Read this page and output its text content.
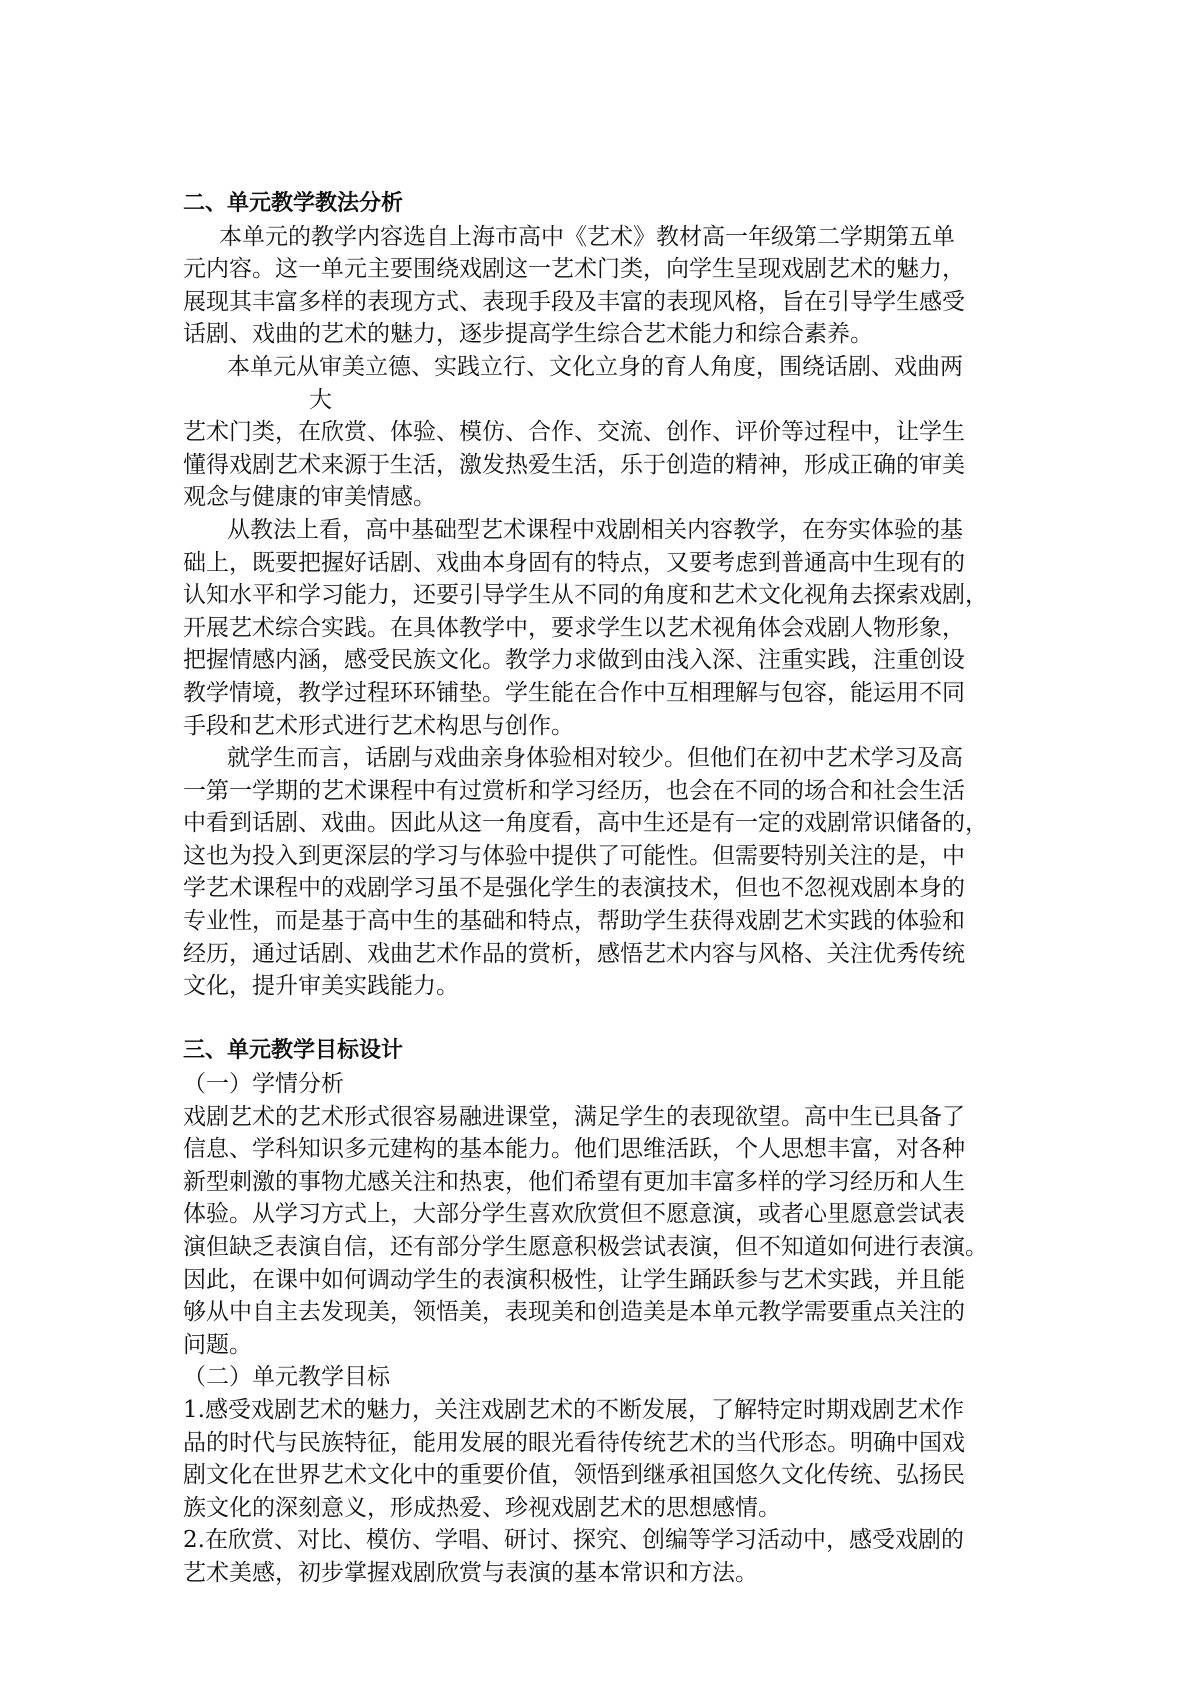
二、单元教学教法分析
本单元的教学内容选自上海市高中《艺术》教材高一年级第二学期第五单
元内容。这一单元主要围绕戏剧这一艺术门类，向学生呈现戏剧艺术的魅力，
展现其丰富多样的表现方式、表现手段及丰富的表现风格，旨在引导学生感受
话剧、戏曲的艺术的魅力，逐步提高学生综合艺术能力和综合素养。
本单元从审美立德、实践立行、文化立身的育人角度，围绕话剧、戏曲两
大
艺术门类，在欣赏、体验、模仿、合作、交流、创作、评价等过程中，让学生
懂得戏剧艺术来源于生活，激发热爱生活，乐于创造的精神，形成正确的审美
观念与健康的审美情感。
从教法上看，高中基础型艺术课程中戏剧相关内容教学，在夯实体验的基
础上，既要把握好话剧、戏曲本身固有的特点，又要考虑到普通高中生现有的
认知水平和学习能力，还要引导学生从不同的角度和艺术文化视角去探索戏剧，
开展艺术综合实践。在具体教学中，要求学生以艺术视角体会戏剧人物形象，
把握情感内涵，感受民族文化。教学力求做到由浅入深、注重实践，注重创设
教学情境，教学过程环环铺垫。学生能在合作中互相理解与包容，能运用不同
手段和艺术形式进行艺术构思与创作。
就学生而言，话剧与戏曲亲身体验相对较少。但他们在初中艺术学习及高
一第一学期的艺术课程中有过赏析和学习经历，也会在不同的场合和社会生活
中看到话剧、戏曲。因此从这一角度看，高中生还是有一定的戏剧常识储备的，
这也为投入到更深层的学习与体验中提供了可能性。但需要特别关注的是，中
学艺术课程中的戏剧学习虽不是强化学生的表演技术，但也不忽视戏剧本身的
专业性，而是基于高中生的基础和特点，帮助学生获得戏剧艺术实践的体验和
经历，通过话剧、戏曲艺术作品的赏析，感悟艺术内容与风格、关注优秀传统
文化，提升审美实践能力。
三、单元教学目标设计
（一）学情分析
戏剧艺术的艺术形式很容易融进课堂，满足学生的表现欲望。高中生已具备了
信息、学科知识多元建构的基本能力。他们思维活跃，个人思想丰富，对各种
新型刺激的事物尤感关注和热衷，他们希望有更加丰富多样的学习经历和人生
体验。从学习方式上，大部分学生喜欢欣赏但不愿意演，或者心里愿意尝试表
演但缺乏表演自信，还有部分学生愿意积极尝试表演，但不知道如何进行表演。
因此，在课中如何调动学生的表演积极性，让学生踊跃参与艺术实践，并且能
够从中自主去发现美，领悟美，表现美和创造美是本单元教学需要重点关注的
问题。
（二）单元教学目标
1.感受戏剧艺术的魅力，关注戏剧艺术的不断发展，了解特定时期戏剧艺术作
品的时代与民族特征，能用发展的眼光看待传统艺术的当代形态。明确中国戏
剧文化在世界艺术文化中的重要价值，领悟到继承祖国悠久文化传统、弘扬民
族文化的深刻意义，形成热爱、珍视戏剧艺术的思想感情。
2.在欣赏、对比、模仿、学唱、研讨、探究、创编等学习活动中，感受戏剧的
艺术美感，初步掌握戏剧欣赏与表演的基本常识和方法。
